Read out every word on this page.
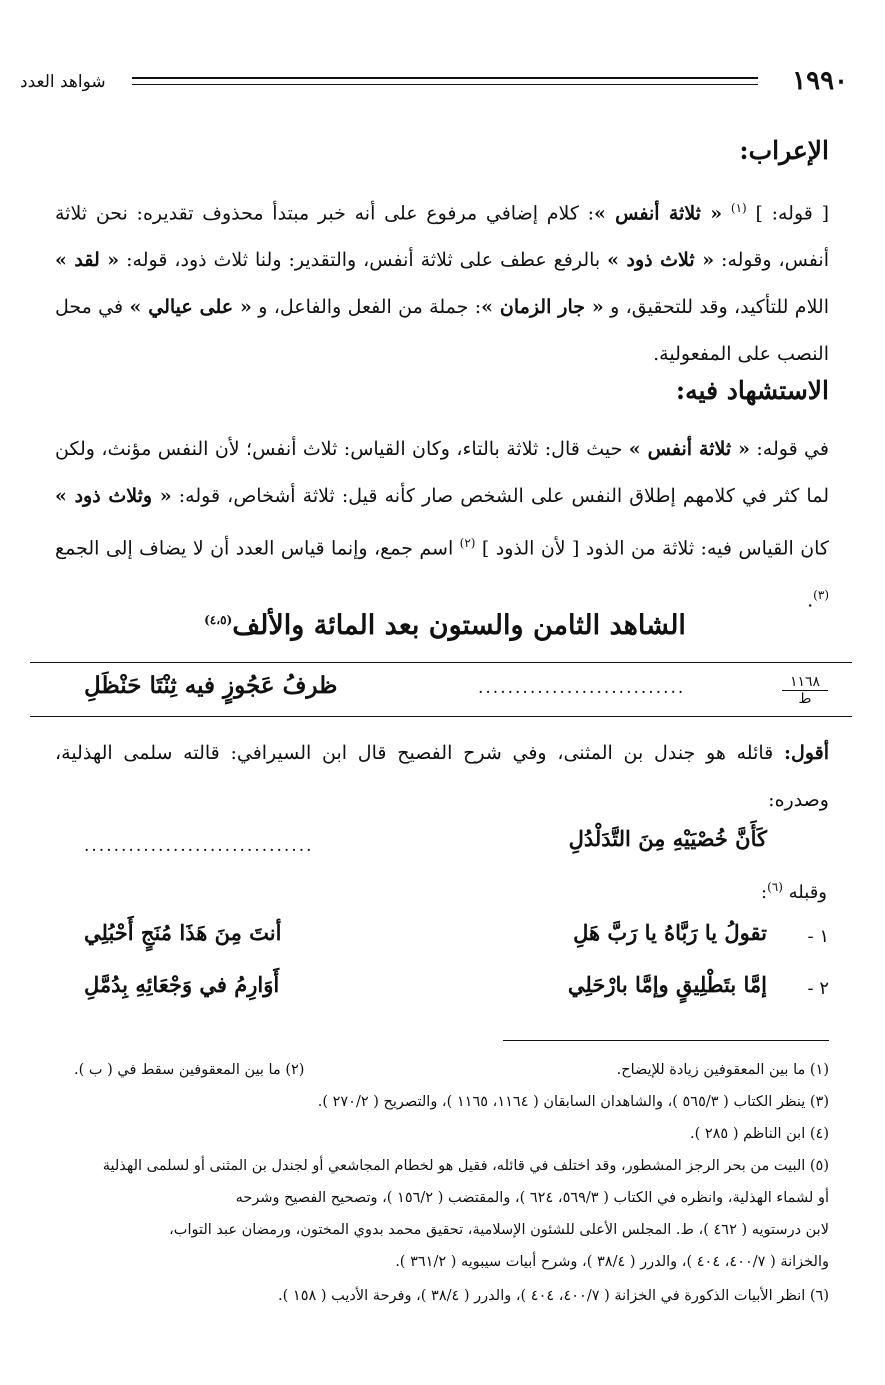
١٩٩٠
شواهد العدد
الإعراب:
[ قوله: ] $^{(١)}$ « ثلاثة أنفس »: كلام إضافي مرفوع على أنه خبر مبتدأ محذوف تقديره: نحن ثلاثة أنفس، وقوله: « ثلاث ذود » بالرفع عطف على ثلاثة أنفس، والتقدير: ولنا ثلاث ذود، قوله: « لقد » اللام للتأكيد، وقد للتحقيق، و « جار الزمان »: جملة من الفعل والفاعل، و « على عيالي » في محل النصب على المفعولية.
الاستشهاد فيه:
في قوله: « ثلاثة أنفس » حيث قال: ثلاثة بالتاء، وكان القياس: ثلاث أنفس؛ لأن النفس مؤنث، ولكن لما كثر في كلامهم إطلاق النفس على الشخص صار كأنه قيل: ثلاثة أشخاص، قوله: « وثلاث ذود » كان القياس فيه: ثلاثة من الذود [ لأن الذود ] $^{(٢)}$ اسم جمع، وإنما قياس العدد أن لا يضاف إلى الجمع $^{(٣)}$.
الشاهد الثامن والستون بعد المائة والألف$^{(٤،٥)}$
١١٦٨
ط
............................
ظرفُ عَجُوزٍ فيه ثِنْتَا حَنْظَلِ
أقول: قائله هو جندل بن المثنى، وفي شرح الفصيح قال ابن السيرافي: قالته سلمى الهذلية، وصدره:
كَأَنَّ خُصْيَيْهِ مِنَ التَّدَلْدُلِ
...............................
وقبله $^{(٦)}$:
١ -
تقولُ يا رَبَّاهُ يا رَبَّ هَلِ
أنتَ مِنَ هَذَا مُنَجٍ أَحْبُلِي
٢ -
إمَّا بتَطْلِيقٍ وإمَّا بارْحَلِي
أَوَارِمُ في وَجْعَائِهِ بِدُمَّلِ
(١) ما بين المعقوفين زيادة للإيضاح.
(٢) ما بين المعقوفين سقط في ( ب ).
(٣) ينظر الكتاب ( ٥٦٥/٣ )، والشاهدان السابقان ( ١١٦٤، ١١٦٥ )، والتصريح ( ٢٧٠/٢ ).
(٤) ابن الناظم ( ٢٨٥ ).
(٥) البيت من بحر الرجز المشطور، وقد اختلف في قائله، فقيل هو لخطام المجاشعي أو لجندل بن المثنى أو لسلمى الهذلية
أو لشماء الهذلية، وانظره في الكتاب ( ٥٦٩/٣، ٦٢٤ )، والمقتضب ( ١٥٦/٢ )، وتصحيح الفصيح وشرحه
لابن درستويه ( ٤٦٢ )، ط. المجلس الأعلى للشئون الإسلامية، تحقيق محمد بدوي المختون، ورمضان عبد التواب،
والخزانة ( ٤٠٠/٧، ٤٠٤ )، والدرر ( ٣٨/٤ )، وشرح أبيات سيبويه ( ٣٦١/٢ ).
(٦) انظر الأبيات الذكورة في الخزانة ( ٤٠٠/٧، ٤٠٤ )، والدرر ( ٣٨/٤ )، وفرحة الأديب ( ١٥٨ ).
